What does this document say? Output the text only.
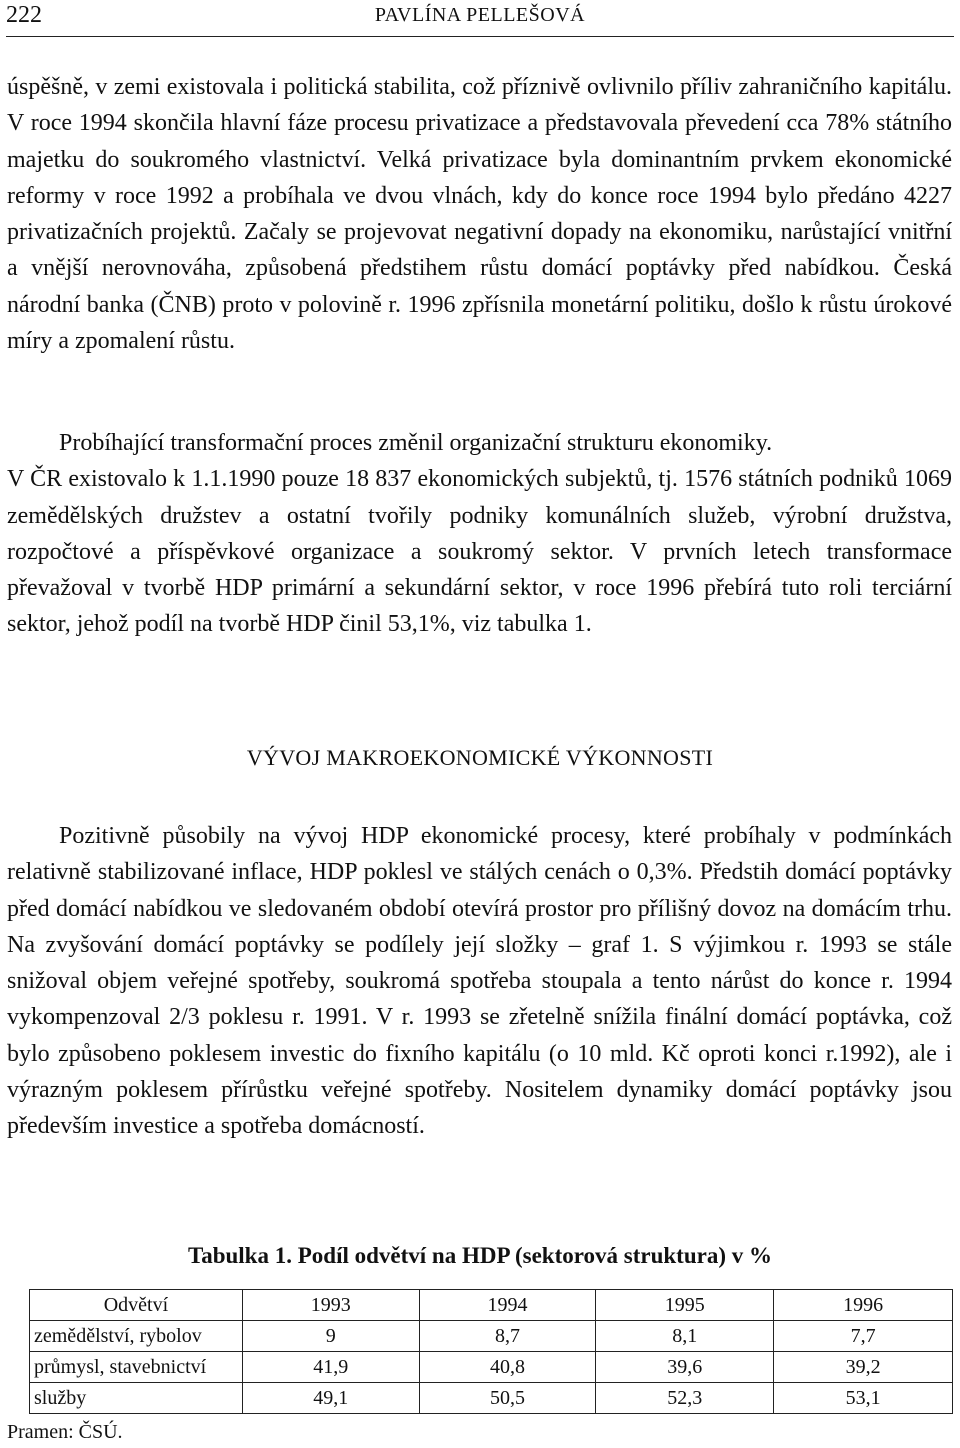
222	PAVLÍNA PELLEŠOVÁ

úspěšně, v zemi existovala i politická stabilita, což příznivě ovlivnilo příliv zahraničního kapitálu. V roce 1994 skončila hlavní fáze procesu privatizace a představovala převedení cca 78% státního majetku do soukromého vlastnictví. Velká privatizace byla dominantním prvkem ekonomické reformy v roce 1992 a probíhala ve dvou vlnách, kdy do konce roce 1994 bylo předáno 4227 privatizačních projektů. Začaly se projevovat negativní dopady na ekonomiku, narůstající vnitřní a vnější nerovnováha, způsobená předstihem růstu domácí poptávky před nabídkou. Česká národní banka (ČNB) proto v polovině r. 1996 zpřísnila monetární politiku, došlo k růstu úrokové míry a zpomalení růstu.

Probíhající transformační proces změnil organizační strukturu ekonomiky.
V ČR existovalo k 1.1.1990 pouze 18 837 ekonomických subjektů, tj. 1576 státních podniků 1069 zemědělských družstev a ostatní tvořily podniky komunálních služeb, výrobní družstva, rozpočtové a příspěvkové organizace a soukromý sektor. V prvních letech transformace převažoval v tvorbě HDP primární a sekundární sektor, v roce 1996 přebírá tuto roli terciární sektor, jehož podíl na tvorbě HDP činil 53,1%, viz tabulka 1.

VÝVOJ MAKROEKONOMICKÉ VÝKONNOSTI

Pozitivně působily na vývoj HDP ekonomické procesy, které probíhaly v podmínkách relativně stabilizované inflace, HDP poklesl ve stálých cenách o 0,3%. Předstih domácí poptávky před domácí nabídkou ve sledovaném období otevírá prostor pro přílišný dovoz na domácím trhu. Na zvyšování domácí poptávky se podílely její složky – graf 1. S výjimkou r. 1993 se stále snižoval objem veřejné spotřeby, soukromá spotřeba stoupala a tento nárůst do konce r. 1994 vykompenzoval 2/3 poklesu r. 1991. V r. 1993 se zřetelně snížila finální domácí poptávka, což bylo způsobeno poklesem investic do fixního kapitálu (o 10 mld. Kč oproti konci r.1992), ale i výrazným poklesem přírůstku veřejné spotřeby. Nositelem dynamiky domácí poptávky jsou především investice a spotřeba domácností.

Tabulka 1. Podíl odvětví na HDP (sektorová struktura) v %
Odvětví	1993	1994	1995	1996
zemědělství, rybolov	9	8,7	8,1	7,7
průmysl, stavebnictví	41,9	40,8	39,6	39,2
služby	49,1	50,5	52,3	53,1
Pramen: ČSÚ.
